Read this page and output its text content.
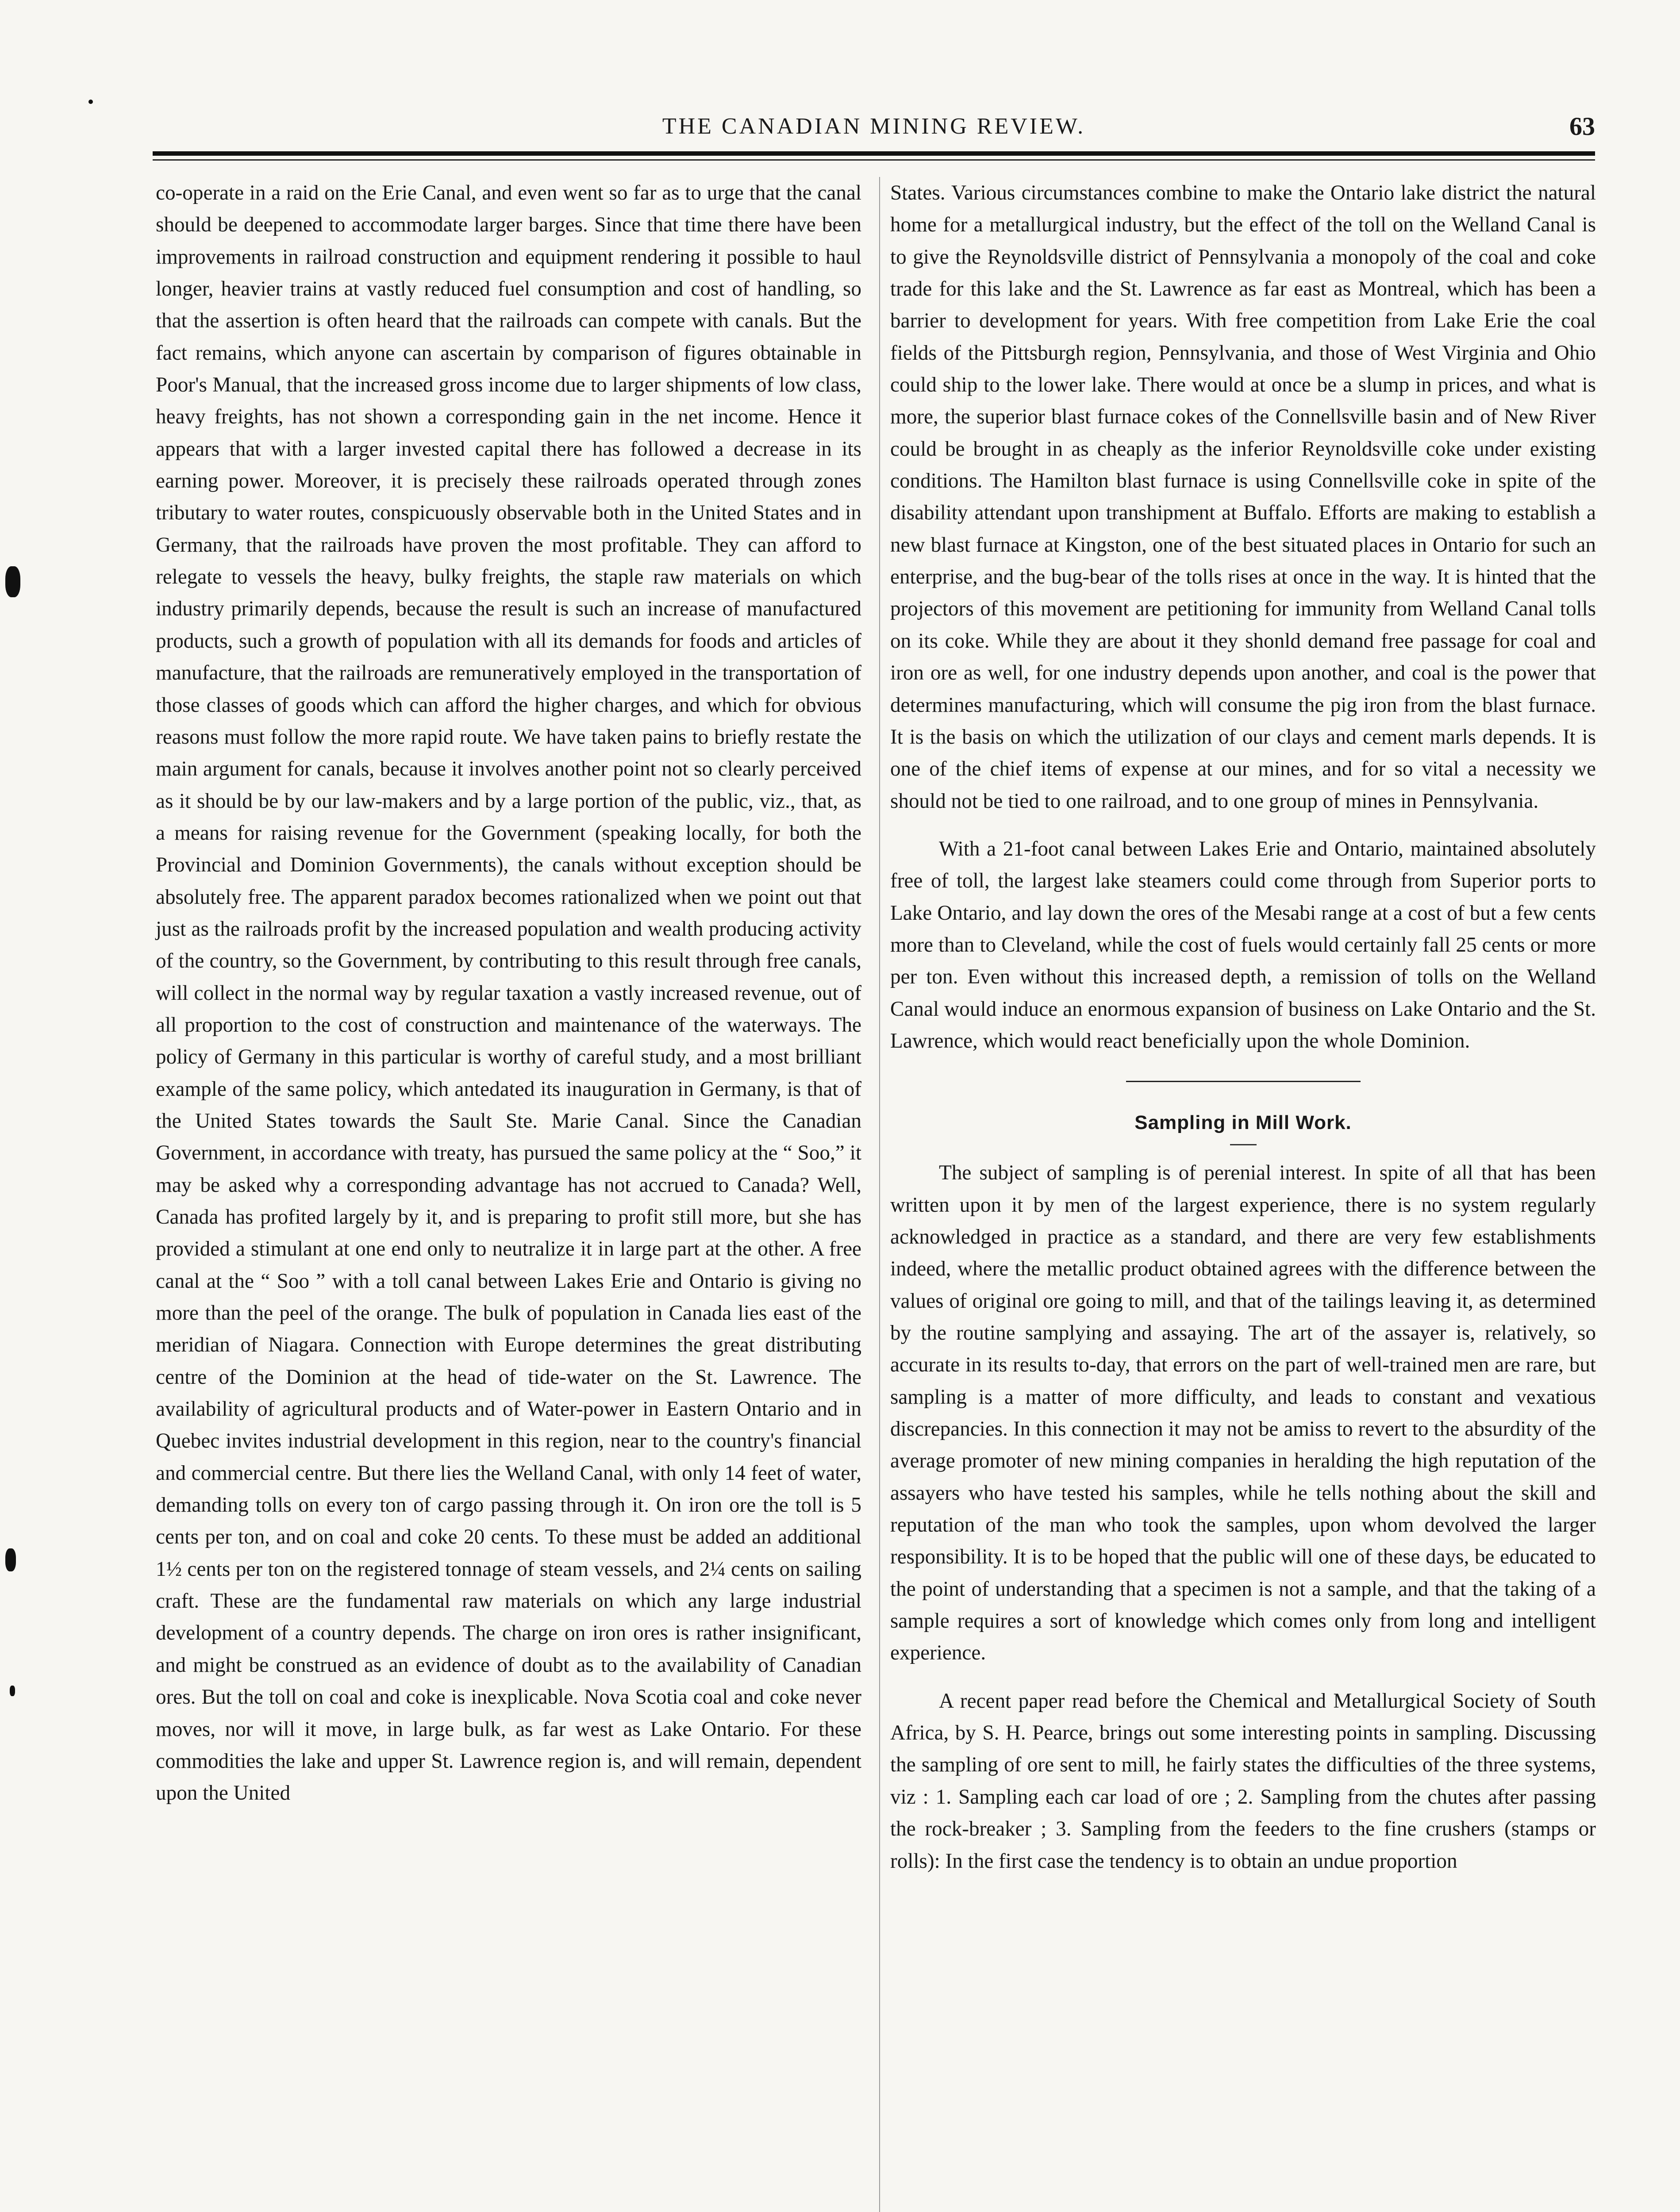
THE CANADIAN MINING REVIEW.	63

co-operate in a raid on the Erie Canal, and even went so far as to urge that the canal should be deepened to accommodate larger barges. Since that time there have been improvements in railroad construction and equipment rendering it possible to haul longer, heavier trains at vastly reduced fuel consumption and cost of handling, so that the assertion is often heard that the railroads can compete with canals. But the fact remains, which anyone can ascertain by comparison of figures obtainable in Poor's Manual, that the increased gross income due to larger shipments of low class, heavy freights, has not shown a corresponding gain in the net income. Hence it appears that with a larger invested capital there has followed a decrease in its earning power. Moreover, it is precisely these railroads operated through zones tributary to water routes, conspicuously observable both in the United States and in Germany, that the railroads have proven the most profitable. They can afford to relegate to vessels the heavy, bulky freights, the staple raw materials on which industry primarily depends, because the result is such an increase of manufactured products, such a growth of population with all its demands for foods and articles of manufacture, that the railroads are remuneratively employed in the transportation of those classes of goods which can afford the higher charges, and which for obvious reasons must follow the more rapid route. We have taken pains to briefly restate the main argument for canals, because it involves another point not so clearly perceived as it should be by our law-makers and by a large portion of the public, viz., that, as a means for raising revenue for the Government (speaking locally, for both the Provincial and Dominion Governments), the canals without exception should be absolutely free. The apparent paradox becomes rationalized when we point out that just as the railroads profit by the increased population and wealth producing activity of the country, so the Government, by contributing to this result through free canals, will collect in the normal way by regular taxation a vastly increased revenue, out of all proportion to the cost of construction and maintenance of the waterways. The policy of Germany in this particular is worthy of careful study, and a most brilliant example of the same policy, which antedated its inauguration in Germany, is that of the United States towards the Sault Ste. Marie Canal. Since the Canadian Government, in accordance with treaty, has pursued the same policy at the “ Soo,” it may be asked why a corresponding advantage has not accrued to Canada? Well, Canada has profited largely by it, and is preparing to profit still more, but she has provided a stimulant at one end only to neutralize it in large part at the other. A free canal at the “ Soo ” with a toll canal between Lakes Erie and Ontario is giving no more than the peel of the orange. The bulk of population in Canada lies east of the meridian of Niagara. Connection with Europe determines the great distributing centre of the Dominion at the head of tide-water on the St. Lawrence. The availability of agricultural products and of Water-power in Eastern Ontario and in Quebec invites industrial development in this region, near to the country's financial and commercial centre. But there lies the Welland Canal, with only 14 feet of water, demanding tolls on every ton of cargo passing through it. On iron ore the toll is 5 cents per ton, and on coal and coke 20 cents. To these must be added an additional 1½ cents per ton on the registered tonnage of steam vessels, and 2¼ cents on sailing craft. These are the fundamental raw materials on which any large industrial development of a country depends. The charge on iron ores is rather insignificant, and might be construed as an evidence of doubt as to the availability of Canadian ores. But the toll on coal and coke is inexplicable. Nova Scotia coal and coke never moves, nor will it move, in large bulk, as far west as Lake Ontario. For these commodities the lake and upper St. Lawrence region is, and will remain, dependent upon the United

States. Various circumstances combine to make the Ontario lake district the natural home for a metallurgical industry, but the effect of the toll on the Welland Canal is to give the Reynoldsville district of Pennsylvania a monopoly of the coal and coke trade for this lake and the St. Lawrence as far east as Montreal, which has been a barrier to development for years. With free competition from Lake Erie the coal fields of the Pittsburgh region, Pennsylvania, and those of West Virginia and Ohio could ship to the lower lake. There would at once be a slump in prices, and what is more, the superior blast furnace cokes of the Connellsville basin and of New River could be brought in as cheaply as the inferior Reynoldsville coke under existing conditions. The Hamilton blast furnace is using Connellsville coke in spite of the disability attendant upon transhipment at Buffalo. Efforts are making to establish a new blast furnace at Kingston, one of the best situated places in Ontario for such an enterprise, and the bug-bear of the tolls rises at once in the way. It is hinted that the projectors of this movement are petitioning for immunity from Welland Canal tolls on its coke. While they are about it they shonld demand free passage for coal and iron ore as well, for one industry depends upon another, and coal is the power that determines manufacturing, which will consume the pig iron from the blast furnace. It is the basis on which the utilization of our clays and cement marls depends. It is one of the chief items of expense at our mines, and for so vital a necessity we should not be tied to one railroad, and to one group of mines in Pennsylvania.

With a 21-foot canal between Lakes Erie and Ontario, maintained absolutely free of toll, the largest lake steamers could come through from Superior ports to Lake Ontario, and lay down the ores of the Mesabi range at a cost of but a few cents more than to Cleveland, while the cost of fuels would certainly fall 25 cents or more per ton. Even without this increased depth, a remission of tolls on the Welland Canal would induce an enormous expansion of business on Lake Ontario and the St. Lawrence, which would react beneficially upon the whole Dominion.

Sampling in Mill Work.

The subject of sampling is of perenial interest. In spite of all that has been written upon it by men of the largest experience, there is no system regularly acknowledged in practice as a standard, and there are very few establishments indeed, where the metallic product obtained agrees with the difference between the values of original ore going to mill, and that of the tailings leaving it, as determined by the routine samplying and assaying. The art of the assayer is, relatively, so accurate in its results to-day, that errors on the part of well-trained men are rare, but sampling is a matter of more difficulty, and leads to constant and vexatious discrepancies. In this connection it may not be amiss to revert to the absurdity of the average promoter of new mining companies in heralding the high reputation of the assayers who have tested his samples, while he tells nothing about the skill and reputation of the man who took the samples, upon whom devolved the larger responsibility. It is to be hoped that the public will one of these days, be educated to the point of understanding that a specimen is not a sample, and that the taking of a sample requires a sort of knowledge which comes only from long and intelligent experience.

A recent paper read before the Chemical and Metallurgical Society of South Africa, by S. H. Pearce, brings out some interesting points in sampling. Discussing the sampling of ore sent to mill, he fairly states the difficulties of the three systems, viz : 1. Sampling each car load of ore ; 2. Sampling from the chutes after passing the rock-breaker ; 3. Sampling from the feeders to the fine crushers (stamps or rolls): In the first case the tendency is to obtain an undue proportion
